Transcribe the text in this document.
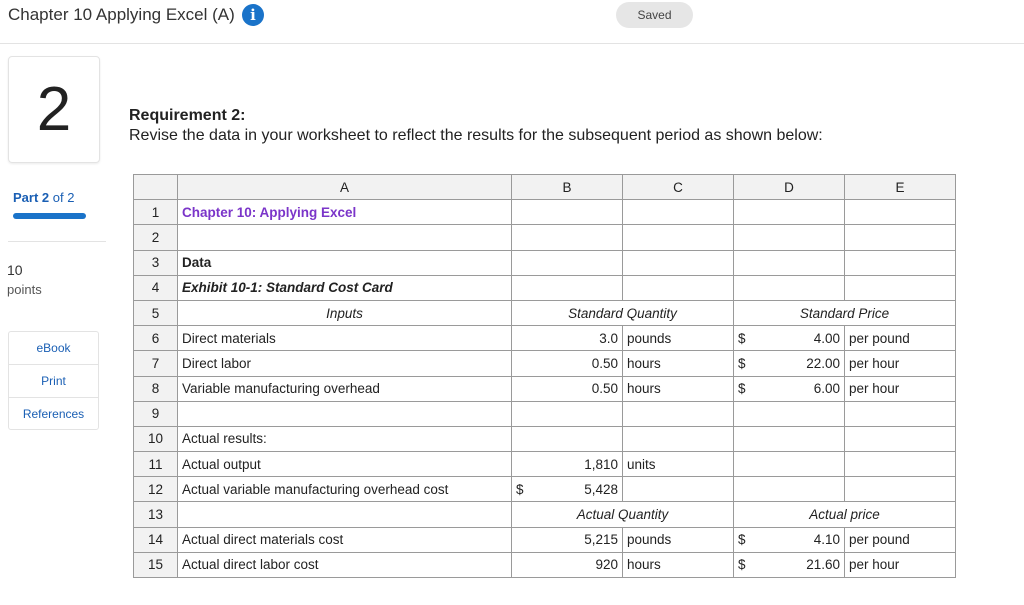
Chapter 10 Applying Excel (A)	i	Saved
2
Part 2 of 2
10
points
eBook
Print
References
Requirement 2:
Revise the data in your worksheet to reflect the results for the subsequent period as shown below:
	A	B	C	D	E
1	Chapter 10: Applying Excel				
2					
3	Data				
4	Exhibit 10-1: Standard Cost Card				
5	Inputs	Standard Quantity		Standard Price	
6	Direct materials	3.0	pounds	$ 4.00	per pound
7	Direct labor	0.50	hours	$ 22.00	per hour
8	Variable manufacturing overhead	0.50	hours	$ 6.00	per hour
9					
10	Actual results:				
11	Actual output	1,810	units		
12	Actual variable manufacturing overhead cost	$ 5,428			

13		Actual Quantity		Actual price	
14	Actual direct materials cost	5,215	pounds	$ 4.10	per pound
15	Actual direct labor cost	920	hours	$ 21.60	per hour
